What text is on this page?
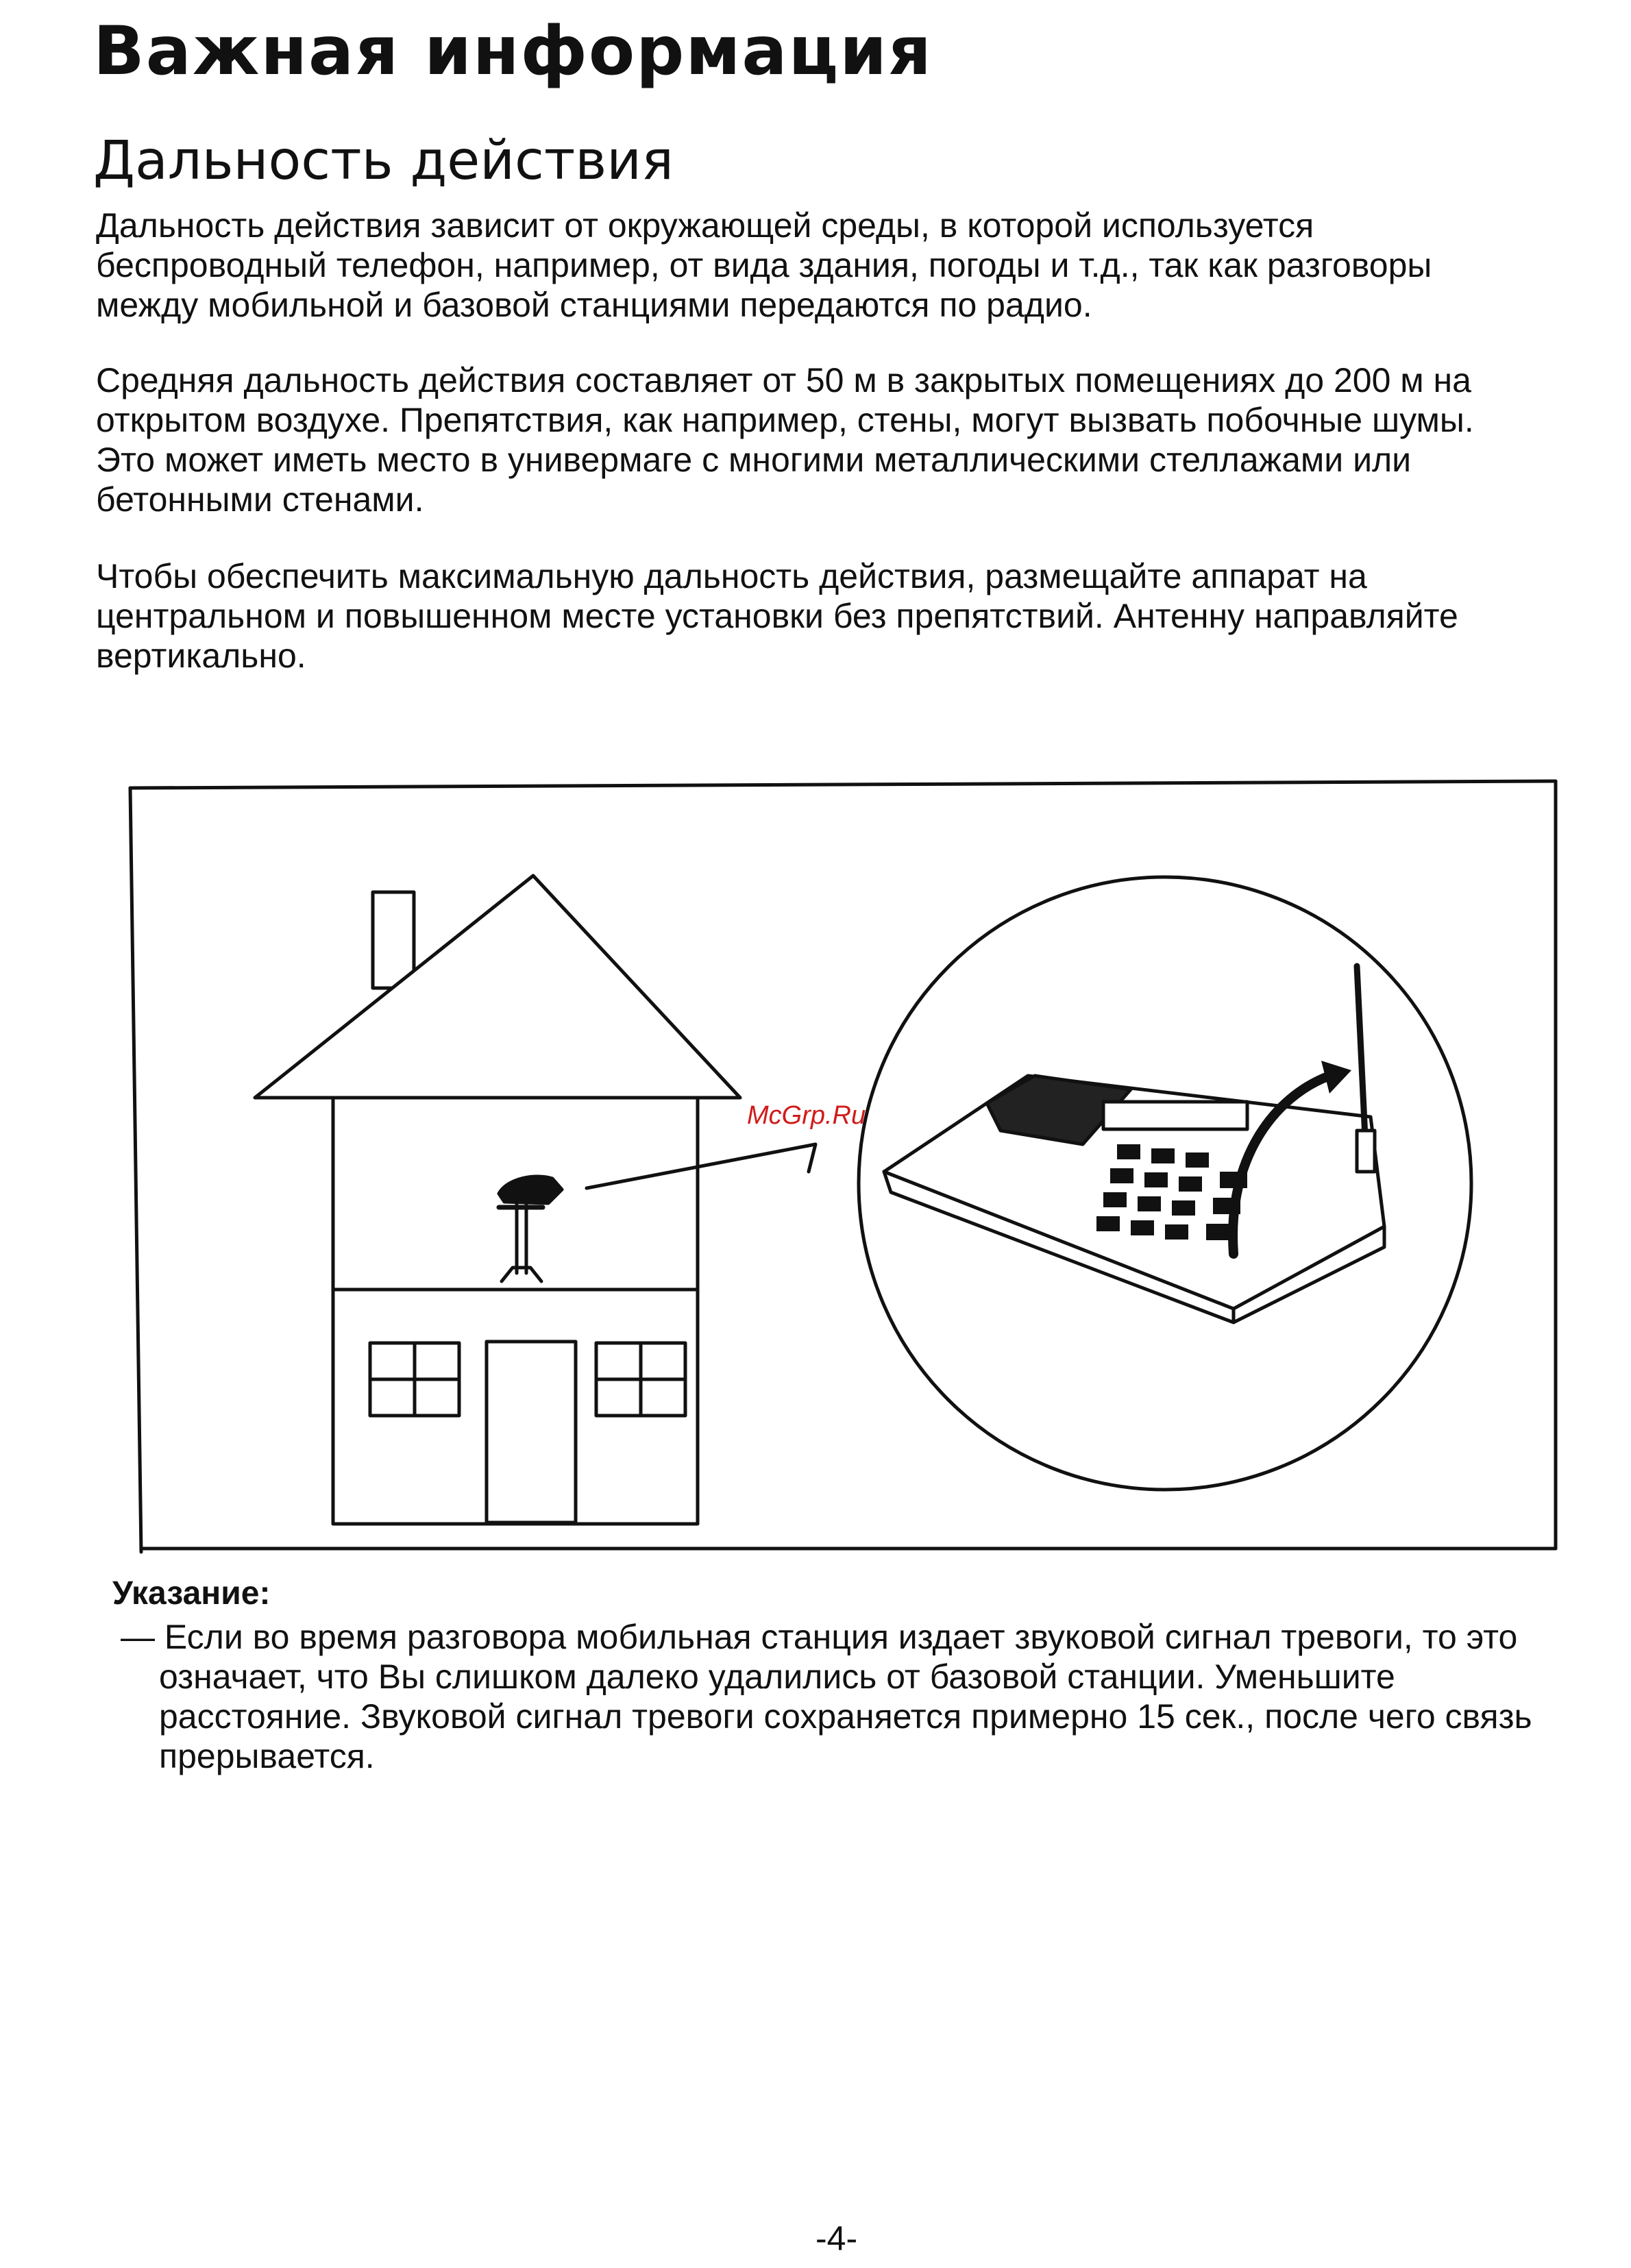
Важная информация
Дальность действия

Дальность действия зависит от окружающей среды, в которой используется беспроводный телефон, например, от вида здания, погоды и т.д., так как разговоры между мобильной и базовой станциями передаются по радио.

Средняя дальность действия составляет от 50 м в закрытых помещениях до 200 м на открытом воздухе. Препятствия, как например, стены, могут вызвать побочные шумы. Это может иметь место в универмаге с многими металлическими стеллажами или бетонными стенами.

Чтобы обеспечить максимальную дальность действия, размещайте аппарат на центральном и повышенном месте установки без препятствий. Антенну направляйте вертикально.

McGrp.Ru

Указание:

— Если во время разговора мобильная станция издает звуковой сигнал тревоги, то это означает, что Вы слишком далеко удалились от базовой станции. Уменьшите расстояние. Звуковой сигнал тревоги сохраняется примерно 15 сек., после чего связь прерывается.

-4-
